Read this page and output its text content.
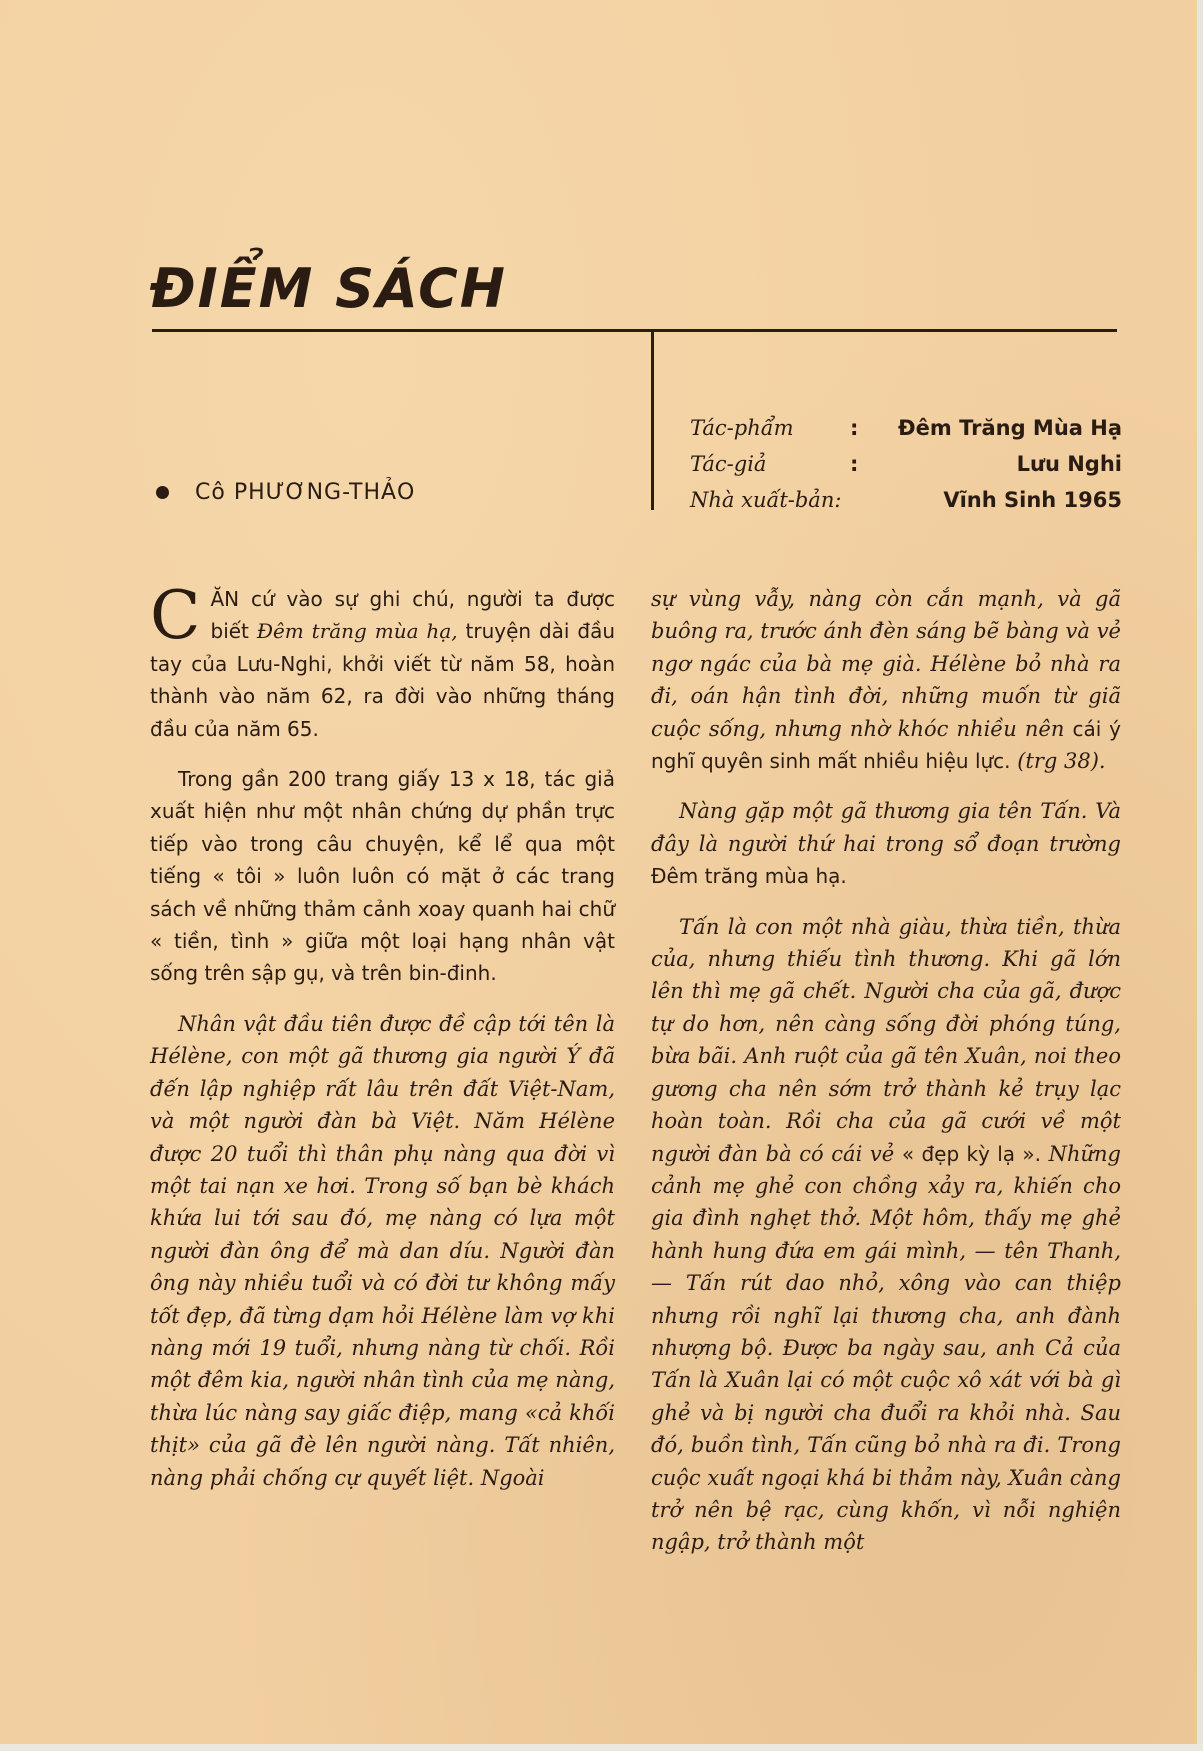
ĐIỂM SÁCH
Cô PHƯƠNG-THẢO
Tác-phẩm	:	Đêm Trăng Mùa Hạ
Tác-giả	:	Lưu Nghi
Nhà xuất-bản:	Vĩnh Sinh 1965

C ĂN cứ vào sự ghi chú, người ta được biết Đêm trăng mùa hạ, truyện dài đầu tay của Lưu-Nghi, khởi viết từ năm 58, hoàn thành vào năm 62, ra đời vào những tháng đầu của năm 65.

Trong gần 200 trang giấy 13 x 18, tác giả xuất hiện như một nhân chứng dự phần trực tiếp vào trong câu chuyện, kể lể qua một tiếng « tôi » luôn luôn có mặt ở các trang sách về những thảm cảnh xoay quanh hai chữ « tiền, tình » giữa một loại hạng nhân vật sống trên sập gụ, và trên bin-đinh.

Nhân vật đầu tiên được đề cập tới tên là Hélène, con một gã thương gia người Ý đã đến lập nghiệp rất lâu trên đất Việt-Nam, và một người đàn bà Việt. Năm Hélène được 20 tuổi thì thân phụ nàng qua đời vì một tai nạn xe hơi. Trong số bạn bè khách khứa lui tới sau đó, mẹ nàng có lựa một người đàn ông để mà dan díu. Người đàn ông này nhiều tuổi và có đời tư không mấy tốt đẹp, đã từng dạm hỏi Hélène làm vợ khi nàng mới 19 tuổi, nhưng nàng từ chối. Rồi một đêm kia, người nhân tình của mẹ nàng, thừa lúc nàng say giấc điệp, mang «cả khối thịt» của gã đè lên người nàng. Tất nhiên, nàng phải chống cự quyết liệt. Ngoài

sự vùng vẫy, nàng còn cắn mạnh, và gã buông ra, trước ánh đèn sáng bẽ bàng và vẻ ngơ ngác của bà mẹ già. Hélène bỏ nhà ra đi, oán hận tình đời, những muốn từ giã cuộc sống, nhưng nhờ khóc nhiều nên cái ý nghĩ quyên sinh mất nhiều hiệu lực. (trg 38).

Nàng gặp một gã thương gia tên Tấn. Và đây là người thứ hai trong sổ đoạn trường Đêm trăng mùa hạ.

Tấn là con một nhà giàu, thừa tiền, thừa của, nhưng thiếu tình thương. Khi gã lớn lên thì mẹ gã chết. Người cha của gã, được tự do hơn, nên càng sống đời phóng túng, bừa bãi. Anh ruột của gã tên Xuân, noi theo gương cha nên sớm trở thành kẻ trụy lạc hoàn toàn. Rồi cha của gã cưới về một người đàn bà có cái vẻ « đẹp kỳ lạ ». Những cảnh mẹ ghẻ con chồng xảy ra, khiến cho gia đình nghẹt thở. Một hôm, thấy mẹ ghẻ hành hung đứa em gái mình, — tên Thanh, — Tấn rút dao nhỏ, xông vào can thiệp nhưng rồi nghĩ lại thương cha, anh đành nhượng bộ. Được ba ngày sau, anh Cả của Tấn là Xuân lại có một cuộc xô xát với bà gì ghẻ và bị người cha đuổi ra khỏi nhà. Sau đó, buồn tình, Tấn cũng bỏ nhà ra đi. Trong cuộc xuất ngoại khá bi thảm này, Xuân càng trở nên bệ rạc, cùng khốn, vì nỗi nghiện ngập, trở thành một
